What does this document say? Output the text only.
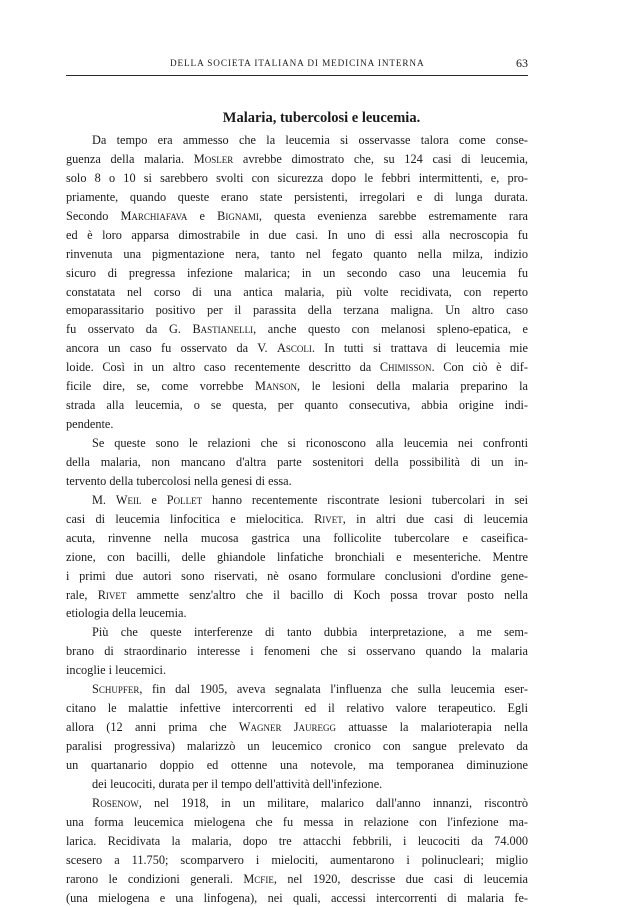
DELLA SOCIETA ITALIANA DI MEDICINA INTERNA	63
Malaria, tubercolosi e leucemia.
Da tempo era ammesso che la leucemia si osservasse talora come conse-
guenza della malaria. Mosler avrebbe dimostrato che, su 124 casi di leucemia,
solo 8 o 10 si sarebbero svolti con sicurezza dopo le febbri intermittenti, e, pro-
priamente, quando queste erano state persistenti, irregolari e di lunga durata.
Secondo Marchiafava e Bignami, questa evenienza sarebbe estremamente rara
ed è loro apparsa dimostrabile in due casi. In uno di essi alla necroscopia fu
rinvenuta una pigmentazione nera, tanto nel fegato quanto nella milza, indizio
sicuro di pregressa infezione malarica; in un secondo caso una leucemia fu
constatata nel corso di una antica malaria, più volte recidivata, con reperto
emoparassitario positivo per il parassita della terzana maligna. Un altro caso
fu osservato da G. Bastianelli, anche questo con melanosi spleno-epatica, e
ancora un caso fu osservato da V. Ascoli. In tutti si trattava di leucemia mie
loide. Così in un altro caso recentemente descritto da Chimisson. Con ciò è dif-
ficile dire, se, come vorrebbe Manson, le lesioni della malaria preparino la
strada alla leucemia, o se questa, per quanto consecutiva, abbia origine indi-
pendente.
Se queste sono le relazioni che si riconoscono alla leucemia nei confronti
della malaria, non mancano d'altra parte sostenitori della possibilità di un in-
tervento della tubercolosi nella genesi di essa.
M. Weil e Pollet hanno recentemente riscontrate lesioni tubercolari in sei
casi di leucemia linfocitica e mielocitica. Rivet, in altri due casi di leucemia
acuta, rinvenne nella mucosa gastrica una follicolite tubercolare e caseifica-
zione, con bacilli, delle ghiandole linfatiche bronchiali e mesenteriche. Mentre
i primi due autori sono riservati, nè osano formulare conclusioni d'ordine gene-
rale, Rivet ammette senz'altro che il bacillo di Koch possa trovar posto nella
etiologia della leucemia.
Più che queste interferenze di tanto dubbia interpretazione, a me sem-
brano di straordinario interesse i fenomeni che si osservano quando la malaria
incoglie i leucemici.
Schupfer, fin dal 1905, aveva segnalata l'influenza che sulla leucemia eser-
citano le malattie infettive intercorrenti ed il relativo valore terapeutico. Egli
allora (12 anni prima che Wagner Jauregg attuasse la malarioterapia nella
paralisi progressiva) malarizzò un leucemico cronico con sangue prelevato da
un quartanario doppio ed ottenne una notevole, ma temporanea diminuzione
dei leucociti, durata per il tempo dell'attività dell'infezione.
Rosenow, nel 1918, in un militare, malarico dall'anno innanzi, riscontrò
una forma leucemica mielogena che fu messa in relazione con l'infezione ma-
larica. Recidivata la malaria, dopo tre attacchi febbrili, i leucociti da 74.000
scesero a 11.750; scomparvero i mielociti, aumentarono i polinucleari; miglio
rarono le condizioni generali. Mcfie, nel 1920, descrisse due casi di leucemia
(una mielogena e una linfogena), nei quali, accessi intercorrenti di malaria fe-
